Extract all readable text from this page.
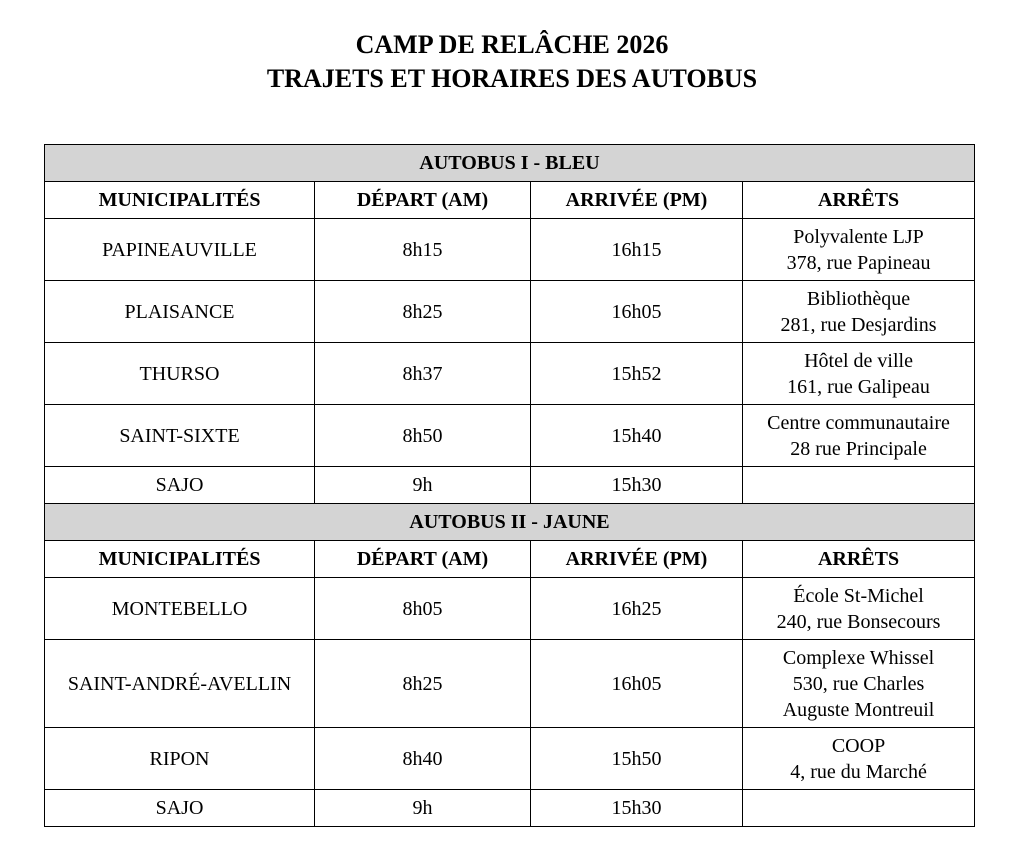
CAMP DE RELÂCHE 2026
TRAJETS ET HORAIRES DES AUTOBUS
AUTOBUS I - BLEU			
MUNICIPALITÉS	DÉPART (AM)	ARRIVÉE (PM)	ARRÊTS
PAPINEAUVILLE	8h15	16h15	Polyvalente LJP
378, rue Papineau

PLAISANCE	8h25	16h05	Bibliothèque
281, rue Desjardins

THURSO	8h37	15h52	Hôtel de ville
161, rue Galipeau

SAINT-SIXTE	8h50	15h40	Centre communautaire
28 rue Principale

SAJO	9h	15h30	
AUTOBUS II - JAUNE			
MUNICIPALITÉS	DÉPART (AM)	ARRIVÉE (PM)	ARRÊTS
MONTEBELLO	8h05	16h25	École St-Michel
240, rue Bonsecours

SAINT-ANDRÉ-AVELLIN	8h25	16h05	Complexe Whissel
530, rue Charles
Auguste Montreuil

RIPON	8h40	15h50	COOP
4, rue du Marché

SAJO	9h	15h30	
